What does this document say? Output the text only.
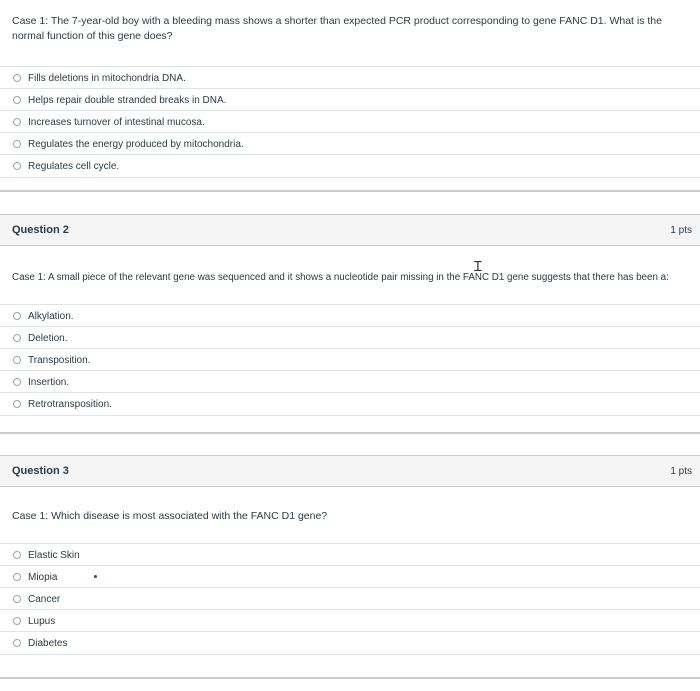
Case 1: The 7-year-old boy with a bleeding mass shows a shorter than expected PCR product corresponding to gene FANC D1. What is the normal function of this gene does?
Fills deletions in mitochondria DNA.
Helps repair double stranded breaks in DNA.
Increases turnover of intestinal mucosa.
Regulates the energy produced by mitochondria.
Regulates cell cycle.
Question 2	1 pts
Case 1: A small piece of the relevant gene was sequenced and it shows a nucleotide pair missing in the FANC D1 gene suggests that there has been a:
Ɪ
Alkylation.
Deletion.
Transposition.
Insertion.
Retrotransposition.
Question 3	1 pts
Case 1: Which disease is most associated with the FANC D1 gene?
Elastic Skin
Miopia
Cancer
Lupus
Diabetes
